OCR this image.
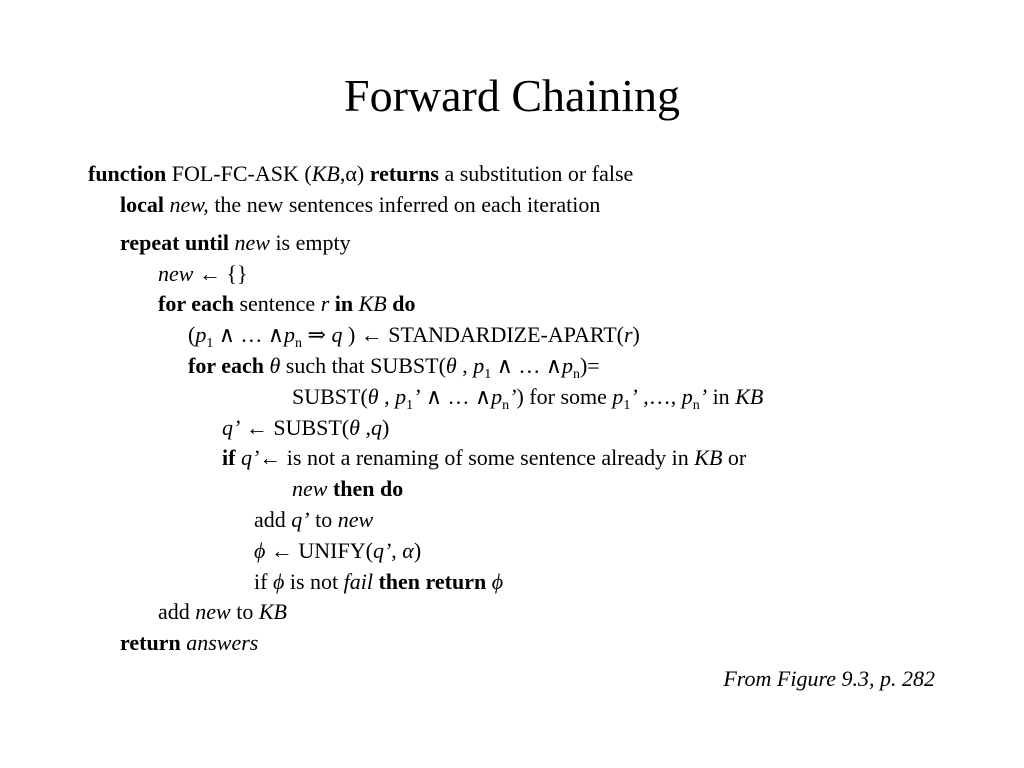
Forward Chaining
function FOL-FC-ASK (KB,α) returns a substitution or false
local new, the new sentences inferred on each iteration
repeat until new is empty
new ← {}
for each sentence r in KB do
($p_1$ ∧ … $\wedge p_n$ ⇒ q ) ← STANDARDIZE-APART(r)
for each θ such that SUBST(θ , $p_1$ ∧ … $\wedge p_n)=$
SUBST(θ , $p_1$’ ∧ … $\wedge p_n$’) for some $p_1$’ ,…, $p_n$’ in KB
q’ ← SUBST(θ ,q)
if q’← is not a renaming of some sentence already in KB or
new then do
add q’ to new
ϕ ← UNIFY(q’, α)
if ϕ is not fail then return ϕ
add new to KB
return answers
From Figure 9.3, p. 282
